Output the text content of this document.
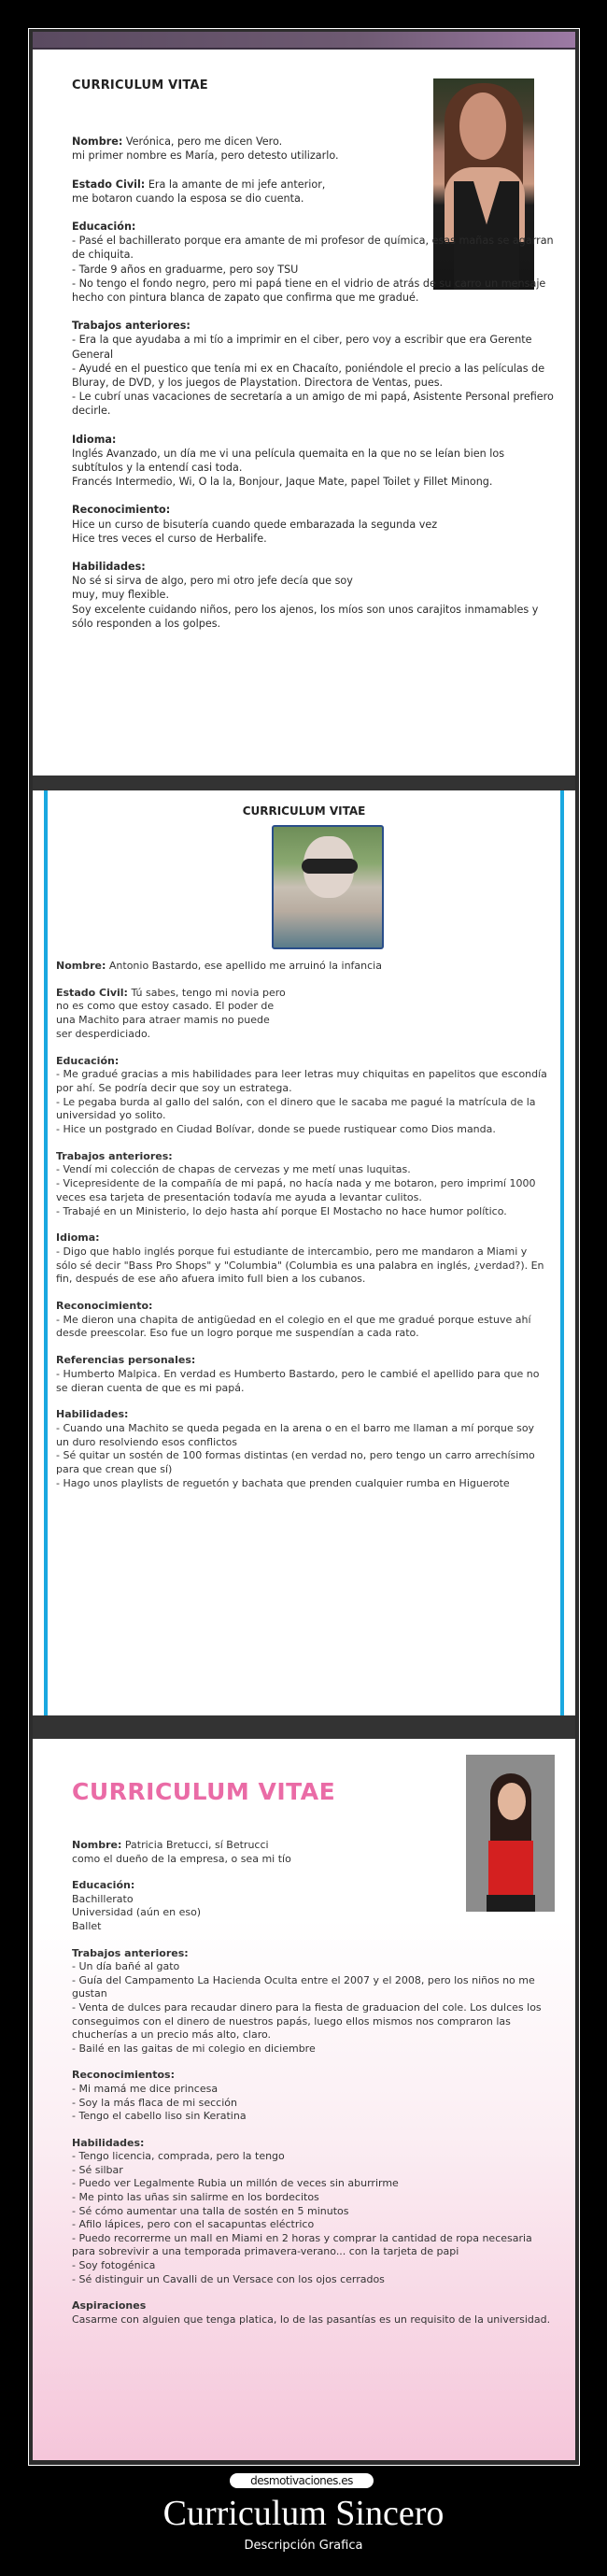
CURRICULUM VITAE
Nombre: Verónica, pero me dicen Vero.
mi primer nombre es María, pero detesto utilizarlo.
Estado Civil: Era la amante de mi jefe anterior,
me botaron cuando la esposa se dio cuenta.
Educación:
- Pasé el bachillerato porque era amante de mi profesor de química, esas mañas se agarran de chiquita.
- Tarde 9 años en graduarme, pero soy TSU
- No tengo el fondo negro, pero mi papá tiene en el vidrio de atrás de su carro un mensaje hecho con pintura blanca de zapato que confirma que me gradué.
Trabajos anteriores:
- Era la que ayudaba a mi tío a imprimir en el ciber, pero voy a escribir que era Gerente General
- Ayudé en el puestico que tenía mi ex en Chacaíto, poniéndole el precio a las películas de Bluray, de DVD, y los juegos de Playstation. Directora de Ventas, pues.
- Le cubrí unas vacaciones de secretaría a un amigo de mi papá, Asistente Personal prefiero decirle.
Idioma:
Inglés Avanzado, un día me vi una película quemaita en la que no se leían bien los subtítulos y la entendí casi toda.
Francés Intermedio, Wi, O la la, Bonjour, Jaque Mate, papel Toilet y Fillet Minong.
Reconocimiento:
Hice un curso de bisutería cuando quede embarazada la segunda vez
Hice tres veces el curso de Herbalife.
Habilidades:
No sé si sirva de algo, pero mi otro jefe decía que soy
muy, muy flexible.
Soy excelente cuidando niños, pero los ajenos, los míos son unos carajitos inmamables y sólo responden a los golpes.
CURRICULUM VITAE
Nombre: Antonio Bastardo, ese apellido me arruinó la infancia
Estado Civil: Tú sabes, tengo mi novia pero
no es como que estoy casado. El poder de
una Machito para atraer mamis no puede
ser desperdiciado.
Educación:
- Me gradué gracias a mis habilidades para leer letras muy chiquitas en papelitos que escondía por ahí. Se podría decir que soy un estratega.
- Le pegaba burda al gallo del salón, con el dinero que le sacaba me pagué la matrícula de la universidad yo solito.
- Hice un postgrado en Ciudad Bolívar, donde se puede rustiquear como Dios manda.
Trabajos anteriores:
- Vendí mi colección de chapas de cervezas y me metí unas luquitas.
- Vicepresidente de la compañía de mi papá, no hacía nada y me botaron, pero imprimí 1000 veces esa tarjeta de presentación todavía me ayuda a levantar culitos.
- Trabajé en un Ministerio, lo dejo hasta ahí porque El Mostacho no hace humor político.
Idioma:
- Digo que hablo inglés porque fui estudiante de intercambio, pero me mandaron a Miami y sólo sé decir "Bass Pro Shops" y "Columbia" (Columbia es una palabra en inglés, ¿verdad?). En fin, después de ese año afuera imito full bien a los cubanos.
Reconocimiento:
- Me dieron una chapita de antigüedad en el colegio en el que me gradué porque estuve ahí desde preescolar. Eso fue un logro porque me suspendían a cada rato.
Referencias personales:
- Humberto Malpica. En verdad es Humberto Bastardo, pero le cambié el apellido para que no se dieran cuenta de que es mi papá.
Habilidades:
- Cuando una Machito se queda pegada en la arena o en el barro me llaman a mí porque soy un duro resolviendo esos conflictos
- Sé quitar un sostén de 100 formas distintas (en verdad no, pero tengo un carro arrechísimo para que crean que sí)
- Hago unos playlists de reguetón y bachata que prenden cualquier rumba en Higuerote
CURRICULUM VITAE
Nombre: Patricia Bretucci, sí Betrucci
como el dueño de la empresa, o sea mi tío
Educación:
Bachillerato
Universidad (aún en eso)
Ballet
Trabajos anteriores:
- Un día bañé al gato
- Guía del Campamento La Hacienda Oculta entre el 2007 y el 2008, pero los niños no me gustan
- Venta de dulces para recaudar dinero para la fiesta de graduacion del cole. Los dulces los conseguimos con el dinero de nuestros papás, luego ellos mismos nos compraron las chucherías a un precio más alto, claro.
- Bailé en las gaitas de mi colegio en diciembre
Reconocimientos:
- Mi mamá me dice princesa
- Soy la más flaca de mi sección
- Tengo el cabello liso sin Keratina
Habilidades:
- Tengo licencia, comprada, pero la tengo
- Sé silbar
- Puedo ver Legalmente Rubia un millón de veces sin aburrirme
- Me pinto las uñas sin salirme en los bordecitos
- Sé cómo aumentar una talla de sostén en 5 minutos
- Afilo lápices, pero con el sacapuntas eléctrico
- Puedo recorrerme un mall en Miami en 2 horas y comprar la cantidad de ropa necesaria para sobrevivir a una temporada primavera-verano... con la tarjeta de papi
- Soy fotogénica
- Sé distinguir un Cavalli de un Versace con los ojos cerrados
Aspiraciones
Casarme con alguien que tenga platica, lo de las pasantías es un requisito de la universidad.
desmotivaciones.es
Curriculum Sincero
Descripción Grafica
